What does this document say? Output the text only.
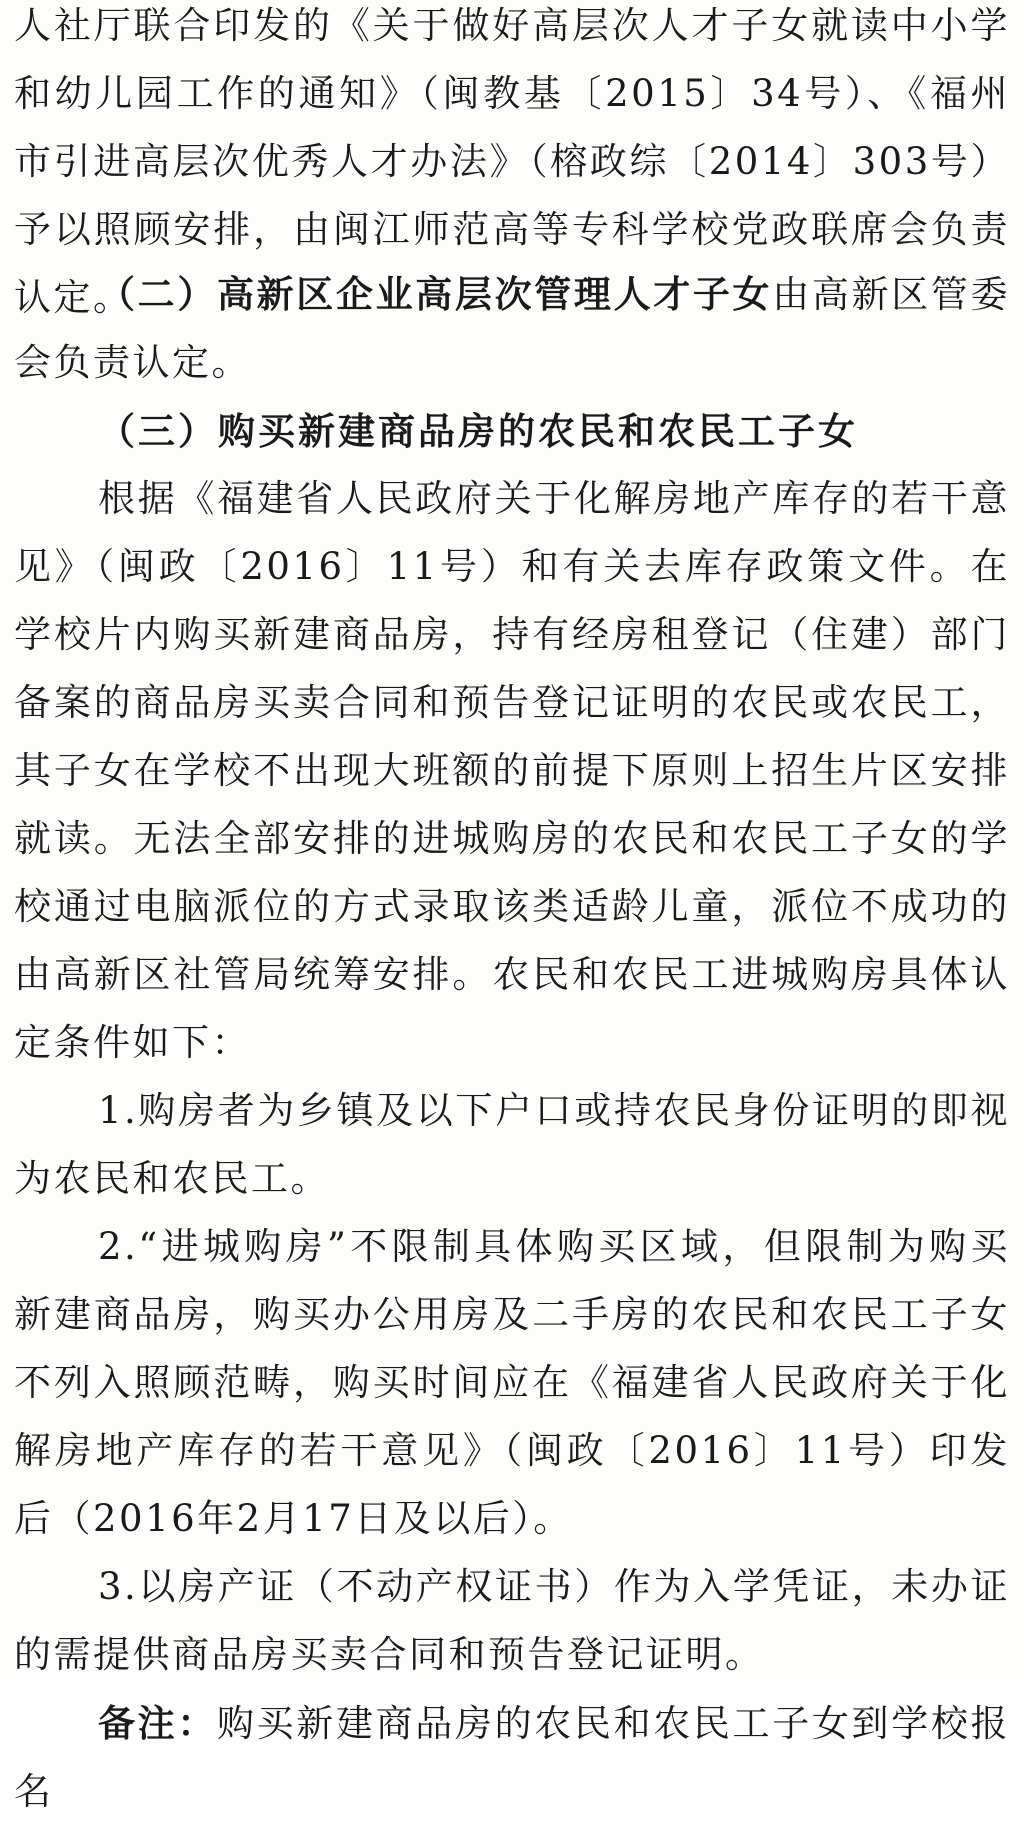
人社厅联合印发的《关于做好高层次人才子女就读中小学和幼儿园工作的通知》（闽教基〔2015〕34号）、《福州市引进高层次优秀人才办法》（榕政综〔2014〕303号）予以照顾安排，由闽江师范高等专科学校党政联席会负责认定。

（二）高新区企业高层次管理人才子女由高新区管委会负责认定。

（三）购买新建商品房的农民和农民工子女

根据《福建省人民政府关于化解房地产库存的若干意见》（闽政〔2016〕11号）和有关去库存政策文件。在学校片内购买新建商品房，持有经房租登记（住建）部门备案的商品房买卖合同和预告登记证明的农民或农民工，其子女在学校不出现大班额的前提下原则上招生片区安排就读。无法全部安排的进城购房的农民和农民工子女的学校通过电脑派位的方式录取该类适龄儿童，派位不成功的由高新区社管局统筹安排。农民和农民工进城购房具体认定条件如下：

1.购房者为乡镇及以下户口或持农民身份证明的即视为农民和农民工。

2.“进城购房”不限制具体购买区域，但限制为购买新建商品房，购买办公用房及二手房的农民和农民工子女不列入照顾范畴，购买时间应在《福建省人民政府关于化解房地产库存的若干意见》（闽政〔2016〕11号）印发后（2016年2月17日及以后）。

3.以房产证（不动产权证书）作为入学凭证，未办证的需提供商品房买卖合同和预告登记证明。

备注：购买新建商品房的农民和农民工子女到学校报名
